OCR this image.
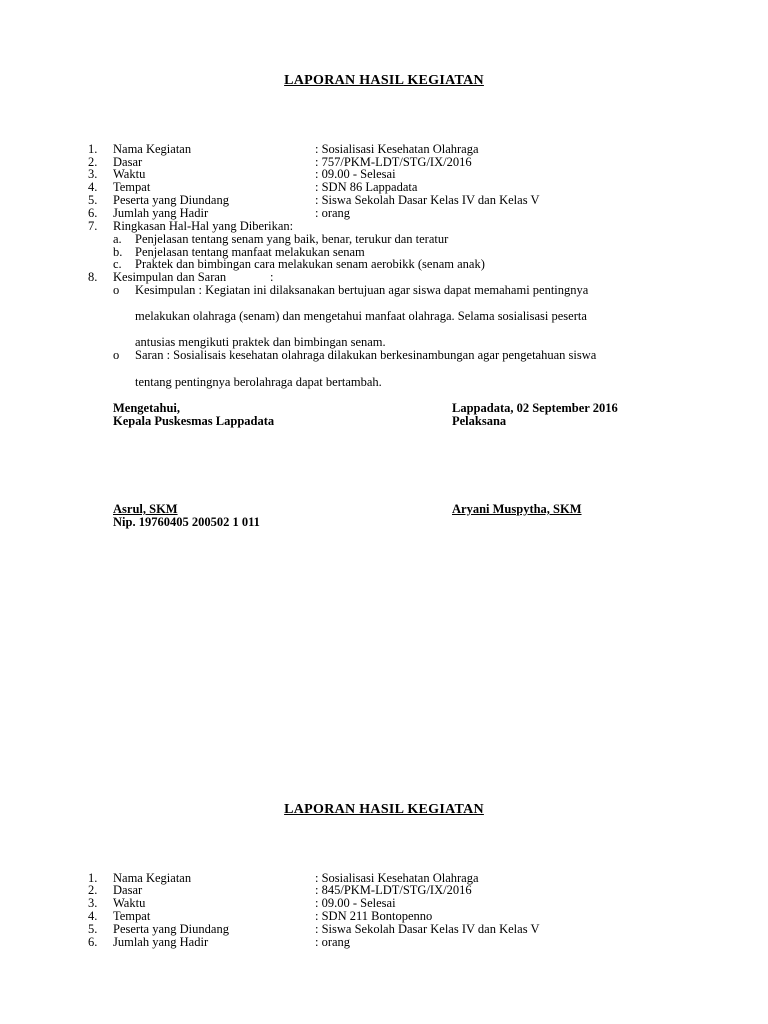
LAPORAN HASIL KEGIATAN
1. Nama Kegiatan	: Sosialisasi Kesehatan Olahraga
2. Dasar	: 757/PKM-LDT/STG/IX/2016
3. Waktu	: 09.00 - Selesai
4. Tempat	: SDN 86 Lappadata
5. Peserta yang Diundang	: Siswa Sekolah Dasar Kelas IV dan Kelas V
6. Jumlah yang Hadir	: orang
7. Ringkasan Hal-Hal yang Diberikan:
a. Penjelasan tentang senam yang baik, benar, terukur dan teratur
b. Penjelasan tentang manfaat melakukan senam
c. Praktek dan bimbingan cara melakukan senam aerobikk (senam anak)
8. Kesimpulan dan Saran	:
o Kesimpulan : Kegiatan ini dilaksanakan bertujuan agar siswa dapat memahami pentingnya
melakukan olahraga (senam) dan mengetahui manfaat olahraga. Selama sosialisasi peserta
antusias mengikuti praktek dan bimbingan senam.
o Saran : Sosialisais kesehatan olahraga dilakukan berkesinambungan agar pengetahuan siswa
tentang pentingnya berolahraga dapat bertambah.
Mengetahui,
Kepala Puskesmas Lappadata
Lappadata, 02 September 2016
Pelaksana
Asrul, SKM
Nip. 19760405 200502 1 011
Aryani Muspytha, SKM
LAPORAN HASIL KEGIATAN
1. Nama Kegiatan	: Sosialisasi Kesehatan Olahraga
2. Dasar	: 845/PKM-LDT/STG/IX/2016
3. Waktu	: 09.00 - Selesai
4. Tempat	: SDN 211 Bontopenno
5. Peserta yang Diundang	: Siswa Sekolah Dasar Kelas IV dan Kelas V
6. Jumlah yang Hadir	: orang
